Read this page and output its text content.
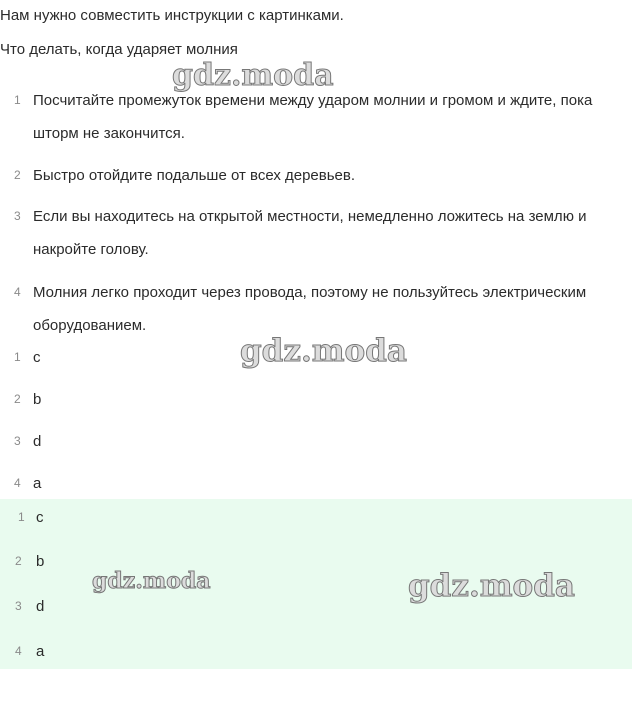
Нам нужно совместить инструкции с картинками.
Что делать, когда ударяет молния
1 Посчитайте промежуток времени между ударом молнии и громом и ждите, пока шторм не закончится.
2 Быстро отойдите подальше от всех деревьев.
3 Если вы находитесь на открытой местности, немедленно ложитесь на землю и накройте голову.
4 Молния легко проходит через провода, поэтому не пользуйтесь электрическим оборудованием.
1 c
2 b
3 d
4 a
1 c
2 b
3 d
4 a
gdz.moda
gdz.moda
gdz.moda	gdz.moda
